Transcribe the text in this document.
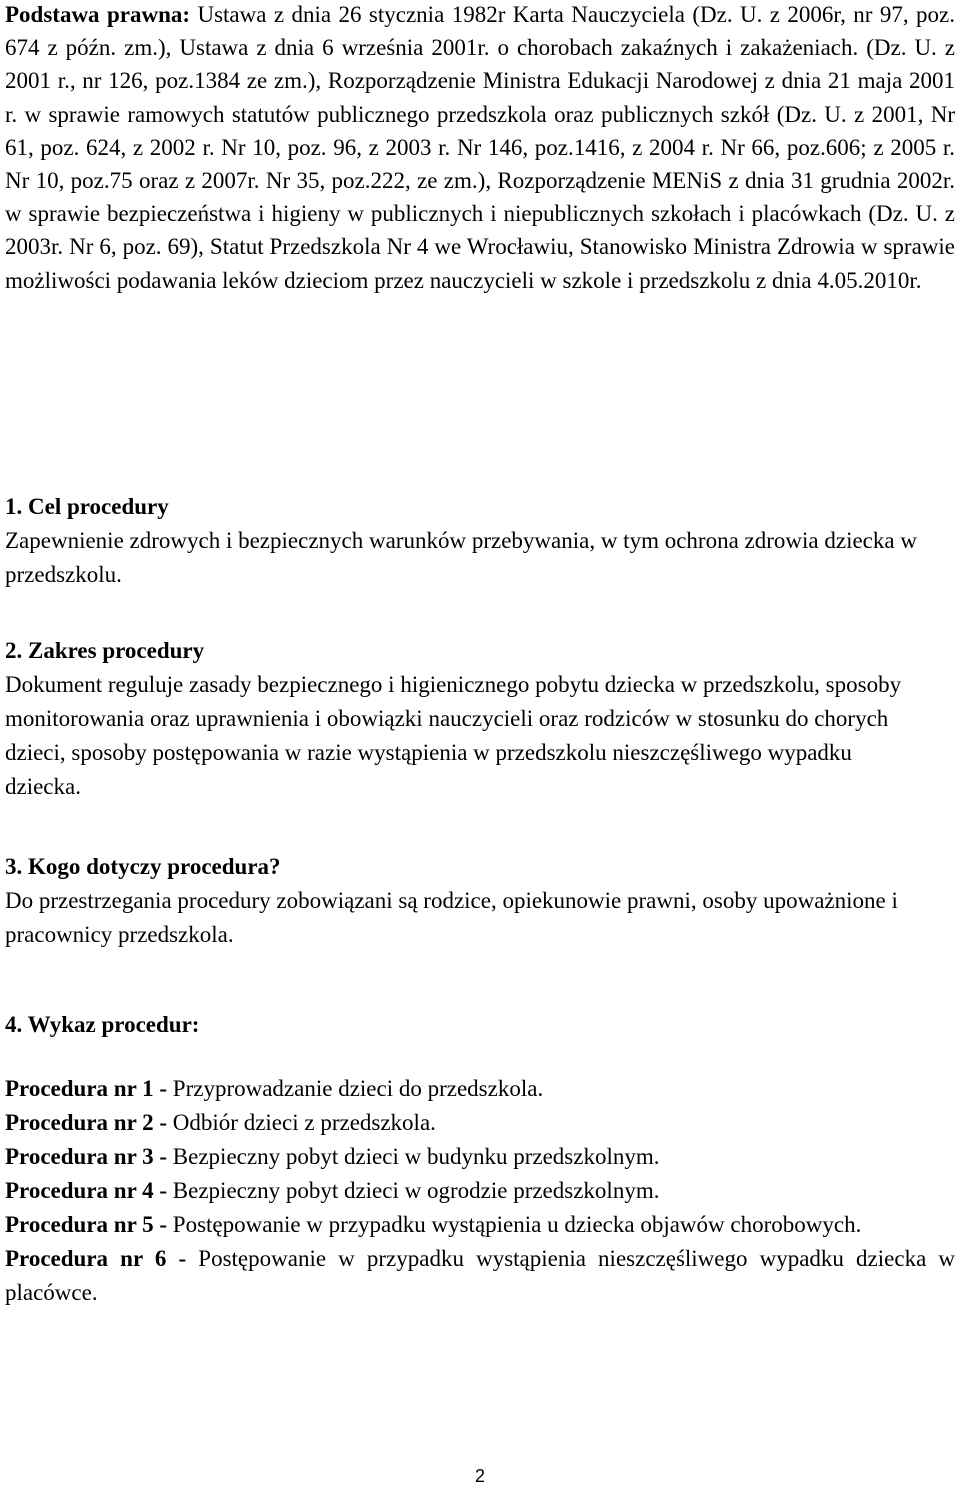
Podstawa prawna: Ustawa z dnia 26 stycznia 1982r Karta Nauczyciela (Dz. U. z 2006r, nr 97, poz. 674 z późn. zm.), Ustawa z dnia 6 września 2001r. o chorobach zakaźnych i zakażeniach. (Dz. U. z 2001 r., nr 126, poz.1384 ze zm.), Rozporządzenie Ministra Edukacji Narodowej z dnia 21 maja 2001 r. w sprawie ramowych statutów publicznego przedszkola oraz publicznych szkół (Dz. U. z 2001, Nr 61, poz. 624, z 2002 r. Nr 10, poz. 96, z 2003 r. Nr 146, poz.1416, z 2004 r. Nr 66, poz.606; z 2005 r. Nr 10, poz.75 oraz z 2007r. Nr 35, poz.222, ze zm.), Rozporządzenie MENiS z dnia 31 grudnia 2002r. w sprawie bezpieczeństwa i higieny w publicznych i niepublicznych szkołach i placówkach (Dz. U. z 2003r. Nr 6, poz. 69), Statut Przedszkola Nr 4 we Wrocławiu, Stanowisko Ministra Zdrowia w sprawie możliwości podawania leków dzieciom przez nauczycieli w szkole i przedszkolu z dnia 4.05.2010r.

1. Cel procedury
Zapewnienie zdrowych i bezpiecznych warunków przebywania, w tym ochrona zdrowia dziecka w przedszkolu.
2. Zakres procedury
Dokument reguluje zasady bezpiecznego i higienicznego pobytu dziecka w przedszkolu, sposoby monitorowania oraz uprawnienia i obowiązki nauczycieli oraz rodziców w stosunku do chorych dzieci, sposoby postępowania w razie wystąpienia w przedszkolu nieszczęśliwego wypadku dziecka.
3. Kogo dotyczy procedura?
Do przestrzegania procedury zobowiązani są rodzice, opiekunowie prawni, osoby upoważnione i pracownicy przedszkola.
4. Wykaz procedur:
Procedura nr 1 - Przyprowadzanie dzieci do przedszkola.
Procedura nr 2 - Odbiór dzieci z przedszkola.
Procedura nr 3 - Bezpieczny pobyt dzieci w budynku przedszkolnym.
Procedura nr 4 - Bezpieczny pobyt dzieci w ogrodzie przedszkolnym.
Procedura nr 5 - Postępowanie w przypadku wystąpienia u dziecka objawów chorobowych.
Procedura nr 6 - Postępowanie w przypadku wystąpienia nieszczęśliwego wypadku dziecka w placówce.
2
